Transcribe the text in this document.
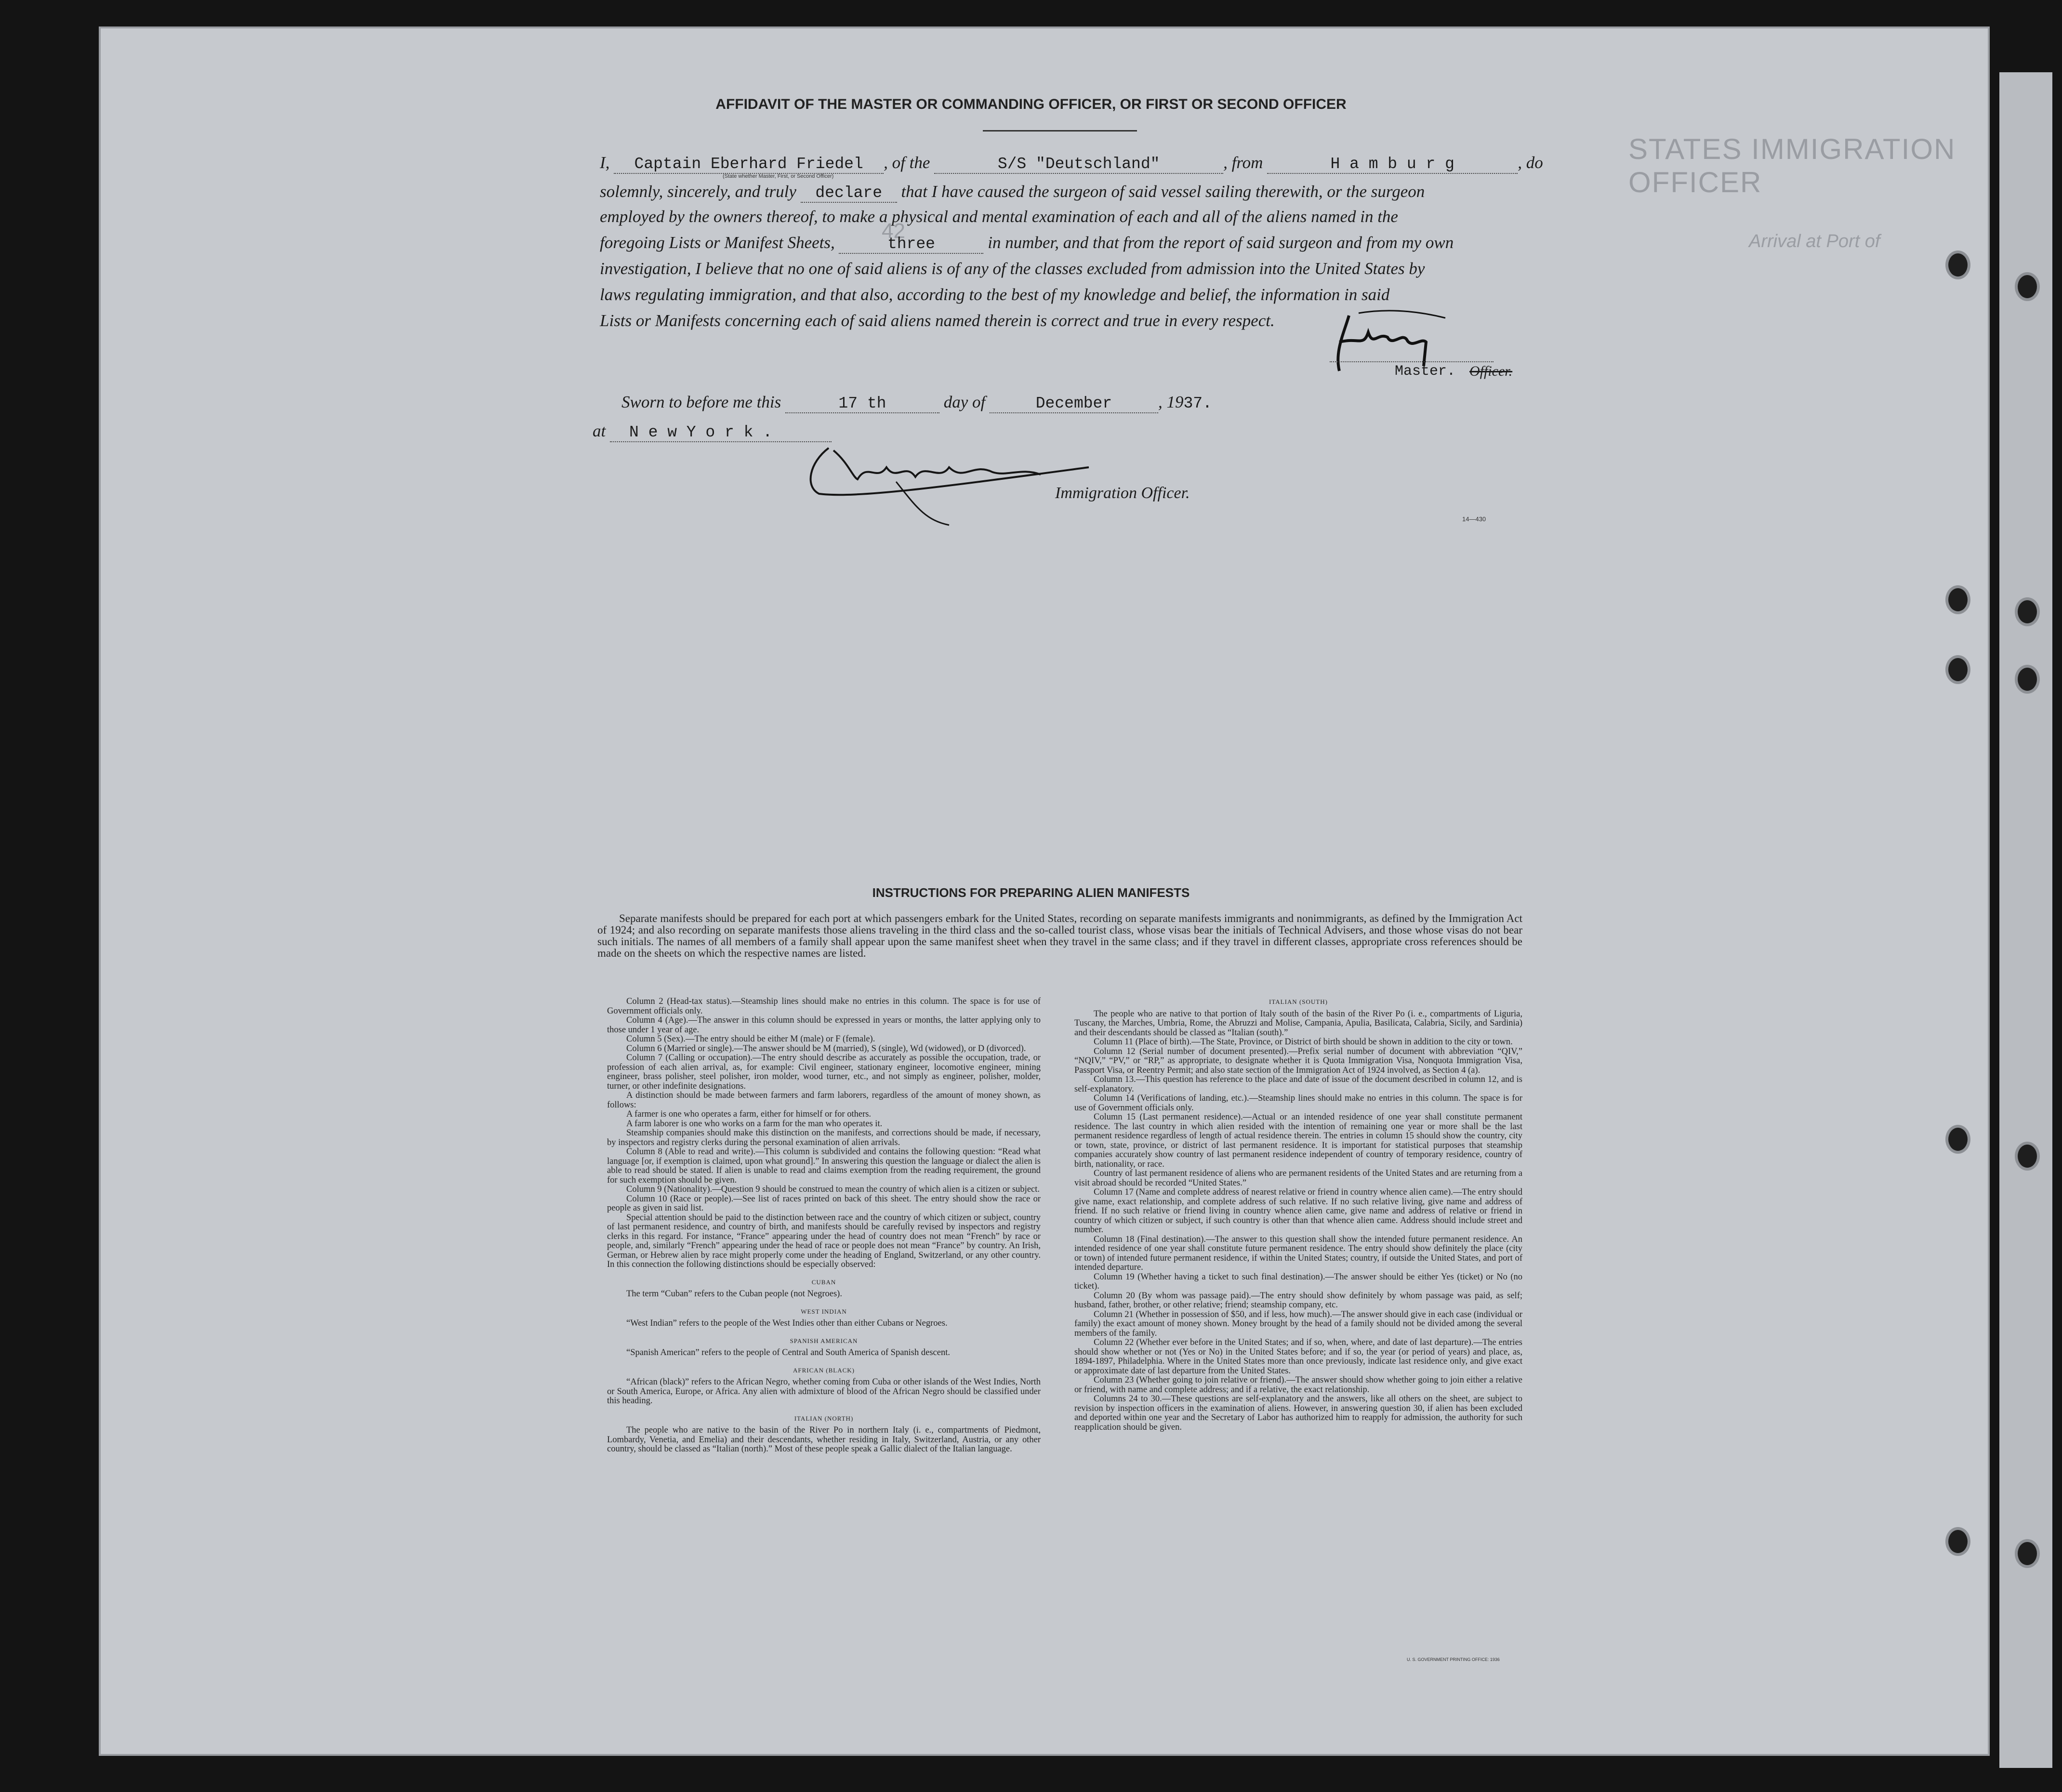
STATES IMMIGRATION OFFICER
Arrival at Port of
42
AFFIDAVIT OF THE MASTER OR COMMANDING OFFICER, OR FIRST OR SECOND OFFICER
I, Captain Eberhard Friedel , of the	S/S "Deutschland"	, from	H a m b u r g	, do
(State whether Master, First, or Second Officer)
solemnly, sincerely, and truly declare that I have caused the surgeon of said vessel sailing therewith, or the surgeon
employed by the owners thereof, to make a physical and mental examination of each and all of the aliens named in the
foregoing Lists or Manifest Sheets,	three	in number, and that from the report of said surgeon and from my own
investigation, I believe that no one of said aliens is of any of the classes excluded from admission into the United States by
laws regulating immigration, and that also, according to the best of my knowledge and belief, the information in said
Lists or Manifests concerning each of said aliens named therein is correct and true in every respect.
Master. Officer.
Sworn to before me this	17 th	day of	December	, 1937.
at N e w Y o r k .
Immigration Officer.
14—430
INSTRUCTIONS FOR PREPARING ALIEN MANIFESTS
Separate manifests should be prepared for each port at which passengers embark for the United States, recording on separate manifests immigrants and nonimmigrants, as defined by the Immigration Act of 1924; and also recording on separate manifests those aliens traveling in the third class and the so-called tourist class, whose visas bear the initials of Technical Advisers, and those whose visas do not bear such initials. The names of all members of a family shall appear upon the same manifest sheet when they travel in the same class; and if they travel in different classes, appropriate cross references should be made on the sheets on which the respective names are listed.

Column 2 (Head-tax status).—Steamship lines should make no entries in this column. The space is for use of Government officials only.

Column 4 (Age).—The answer in this column should be expressed in years or months, the latter applying only to those under 1 year of age.

Column 5 (Sex).—The entry should be either M (male) or F (female).

Column 6 (Married or single).—The answer should be M (married), S (single), Wd (widowed), or D (divorced).

Column 7 (Calling or occupation).—The entry should describe as accurately as possible the occupation, trade, or profession of each alien arrival, as, for example: Civil engineer, stationary engineer, locomotive engineer, mining engineer, brass polisher, steel polisher, iron molder, wood turner, etc., and not simply as engineer, polisher, molder, turner, or other indefinite designations.

A distinction should be made between farmers and farm laborers, regardless of the amount of money shown, as follows:

A farmer is one who operates a farm, either for himself or for others.

A farm laborer is one who works on a farm for the man who operates it.

Steamship companies should make this distinction on the manifests, and corrections should be made, if necessary, by inspectors and registry clerks during the personal examination of alien arrivals.

Column 8 (Able to read and write).—This column is subdivided and contains the following question: “Read what language [or, if exemption is claimed, upon what ground].” In answering this question the language or dialect the alien is able to read should be stated. If alien is unable to read and claims exemption from the reading requirement, the ground for such exemption should be given.

Column 9 (Nationality).—Question 9 should be construed to mean the country of which alien is a citizen or subject.

Column 10 (Race or people).—See list of races printed on back of this sheet. The entry should show the race or people as given in said list.

Special attention should be paid to the distinction between race and the country of which citizen or subject, country of last permanent residence, and country of birth, and manifests should be carefully revised by inspectors and registry clerks in this regard. For instance, “France” appearing under the head of country does not mean “French” by race or people, and, similarly “French” appearing under the head of race or people does not mean “France” by country. An Irish, German, or Hebrew alien by race might properly come under the heading of England, Switzerland, or any other country. In this connection the following distinctions should be especially observed:

CUBAN

The term “Cuban” refers to the Cuban people (not Negroes).

WEST INDIAN

“West Indian” refers to the people of the West Indies other than either Cubans or Negroes.

SPANISH AMERICAN

“Spanish American” refers to the people of Central and South America of Spanish descent.

AFRICAN (BLACK)

“African (black)” refers to the African Negro, whether coming from Cuba or other islands of the West Indies, North or South America, Europe, or Africa. Any alien with admixture of blood of the African Negro should be classified under this heading.

ITALIAN (NORTH)

The people who are native to the basin of the River Po in northern Italy (i. e., compartments of Piedmont, Lombardy, Venetia, and Emelia) and their descendants, whether residing in Italy, Switzerland, Austria, or any other country, should be classed as “Italian (north).” Most of these people speak a Gallic dialect of the Italian language.

ITALIAN (SOUTH)

The people who are native to that portion of Italy south of the basin of the River Po (i. e., compartments of Liguria, Tuscany, the Marches, Umbria, Rome, the Abruzzi and Molise, Campania, Apulia, Basilicata, Calabria, Sicily, and Sardinia) and their descendants should be classed as “Italian (south).”

Column 11 (Place of birth).—The State, Province, or District of birth should be shown in addition to the city or town.

Column 12 (Serial number of document presented).—Prefix serial number of document with abbreviation “QIV,” “NQIV,” “PV,” or “RP,” as appropriate, to designate whether it is Quota Immigration Visa, Nonquota Immigration Visa, Passport Visa, or Reentry Permit; and also state section of the Immigration Act of 1924 involved, as Section 4 (a).

Column 13.—This question has reference to the place and date of issue of the document described in column 12, and is self-explanatory.

Column 14 (Verifications of landing, etc.).—Steamship lines should make no entries in this column. The space is for use of Government officials only.

Column 15 (Last permanent residence).—Actual or an intended residence of one year shall constitute permanent residence. The last country in which alien resided with the intention of remaining one year or more shall be the last permanent residence regardless of length of actual residence therein. The entries in column 15 should show the country, city or town, state, province, or district of last permanent residence. It is important for statistical purposes that steamship companies accurately show country of last permanent residence independent of country of temporary residence, country of birth, nationality, or race.

Country of last permanent residence of aliens who are permanent residents of the United States and are returning from a visit abroad should be recorded “United States.”

Column 17 (Name and complete address of nearest relative or friend in country whence alien came).—The entry should give name, exact relationship, and complete address of such relative. If no such relative living, give name and address of friend. If no such relative or friend living in country whence alien came, give name and address of relative or friend in country of which citizen or subject, if such country is other than that whence alien came. Address should include street and number.

Column 18 (Final destination).—The answer to this question shall show the intended future permanent residence. An intended residence of one year shall constitute future permanent residence. The entry should show definitely the place (city or town) of intended future permanent residence, if within the United States; country, if outside the United States, and port of intended departure.

Column 19 (Whether having a ticket to such final destination).—The answer should be either Yes (ticket) or No (no ticket).

Column 20 (By whom was passage paid).—The entry should show definitely by whom passage was paid, as self; husband, father, brother, or other relative; friend; steamship company, etc.

Column 21 (Whether in possession of $50, and if less, how much).—The answer should give in each case (individual or family) the exact amount of money shown. Money brought by the head of a family should not be divided among the several members of the family.

Column 22 (Whether ever before in the United States; and if so, when, where, and date of last departure).—The entries should show whether or not (Yes or No) in the United States before; and if so, the year (or period of years) and place, as, 1894-1897, Philadelphia. Where in the United States more than once previously, indicate last residence only, and give exact or approximate date of last departure from the United States.

Column 23 (Whether going to join relative or friend).—The answer should show whether going to join either a relative or friend, with name and complete address; and if a relative, the exact relationship.

Columns 24 to 30.—These questions are self-explanatory and the answers, like all others on the sheet, are subject to revision by inspection officers in the examination of aliens. However, in answering question 30, if alien has been excluded and deported within one year and the Secretary of Labor has authorized him to reapply for admission, the authority for such reapplication should be given.

U. S. GOVERNMENT PRINTING OFFICE: 1936
